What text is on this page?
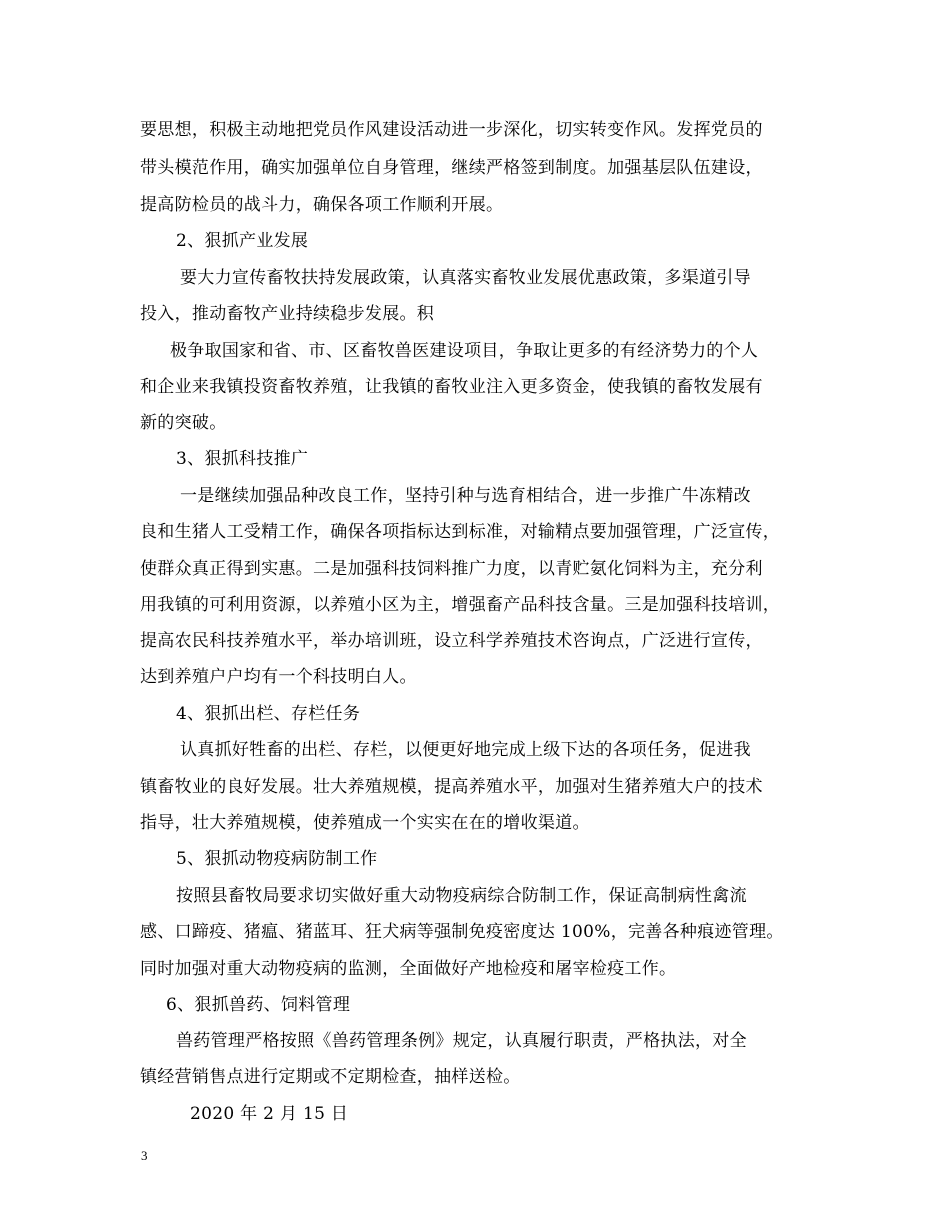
要思想，积极主动地把党员作风建设活动进一步深化，切实转变作风。发挥党员的
带头模范作用，确实加强单位自身管理，继续严格签到制度。加强基层队伍建设，
提高防检员的战斗力，确保各项工作顺利开展。
2、狠抓产业发展
要大力宣传畜牧扶持发展政策，认真落实畜牧业发展优惠政策，多渠道引导
投入，推动畜牧产业持续稳步发展。积
极争取国家和省、市、区畜牧兽医建设项目，争取让更多的有经济势力的个人
和企业来我镇投资畜牧养殖，让我镇的畜牧业注入更多资金，使我镇的畜牧发展有
新的突破。
3、狠抓科技推广
一是继续加强品种改良工作，坚持引种与选育相结合，进一步推广牛冻精改
良和生猪人工受精工作，确保各项指标达到标准，对输精点要加强管理，广泛宣传，
使群众真正得到实惠。二是加强科技饲料推广力度，以青贮氨化饲料为主，充分利
用我镇的可利用资源，以养殖小区为主，增强畜产品科技含量。三是加强科技培训，
提高农民科技养殖水平，举办培训班，设立科学养殖技术咨询点，广泛进行宣传，
达到养殖户户均有一个科技明白人。
4、狠抓出栏、存栏任务
认真抓好牲畜的出栏、存栏，以便更好地完成上级下达的各项任务，促进我
镇畜牧业的良好发展。壮大养殖规模，提高养殖水平，加强对生猪养殖大户的技术
指导，壮大养殖规模，使养殖成一个实实在在的增收渠道。
5、狠抓动物疫病防制工作
按照县畜牧局要求切实做好重大动物疫病综合防制工作，保证高制病性禽流
感、口蹄疫、猪瘟、猪蓝耳、狂犬病等强制免疫密度达 100%，完善各种痕迹管理。
同时加强对重大动物疫病的监测，全面做好产地检疫和屠宰检疫工作。
6、狠抓兽药、饲料管理
兽药管理严格按照《兽药管理条例》规定，认真履行职责，严格执法，对全
镇经营销售点进行定期或不定期检查，抽样送检。
2020 年 2 月 15 日
3
